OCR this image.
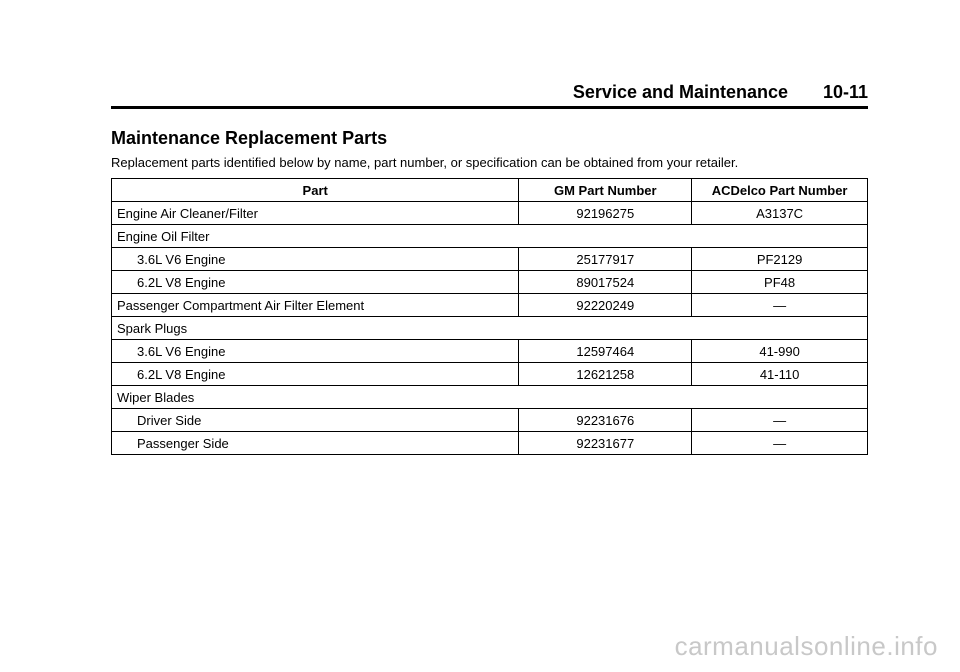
Service and Maintenance 10-11
Maintenance Replacement Parts

Replacement parts identified below by name, part number, or specification can be obtained from your retailer.

Part	GM Part Number	ACDelco Part Number
Engine Air Cleaner/Filter	92196275	A3137C
Engine Oil Filter		
3.6L V6 Engine	25177917	PF2129
6.2L V8 Engine	89017524	PF48
Passenger Compartment Air Filter Element	92220249	—
Spark Plugs		
3.6L V6 Engine	12597464	41-990
6.2L V8 Engine	12621258	41-110
Wiper Blades		
Driver Side	92231676	—
Passenger Side	92231677	—
carmanualsonline.info
